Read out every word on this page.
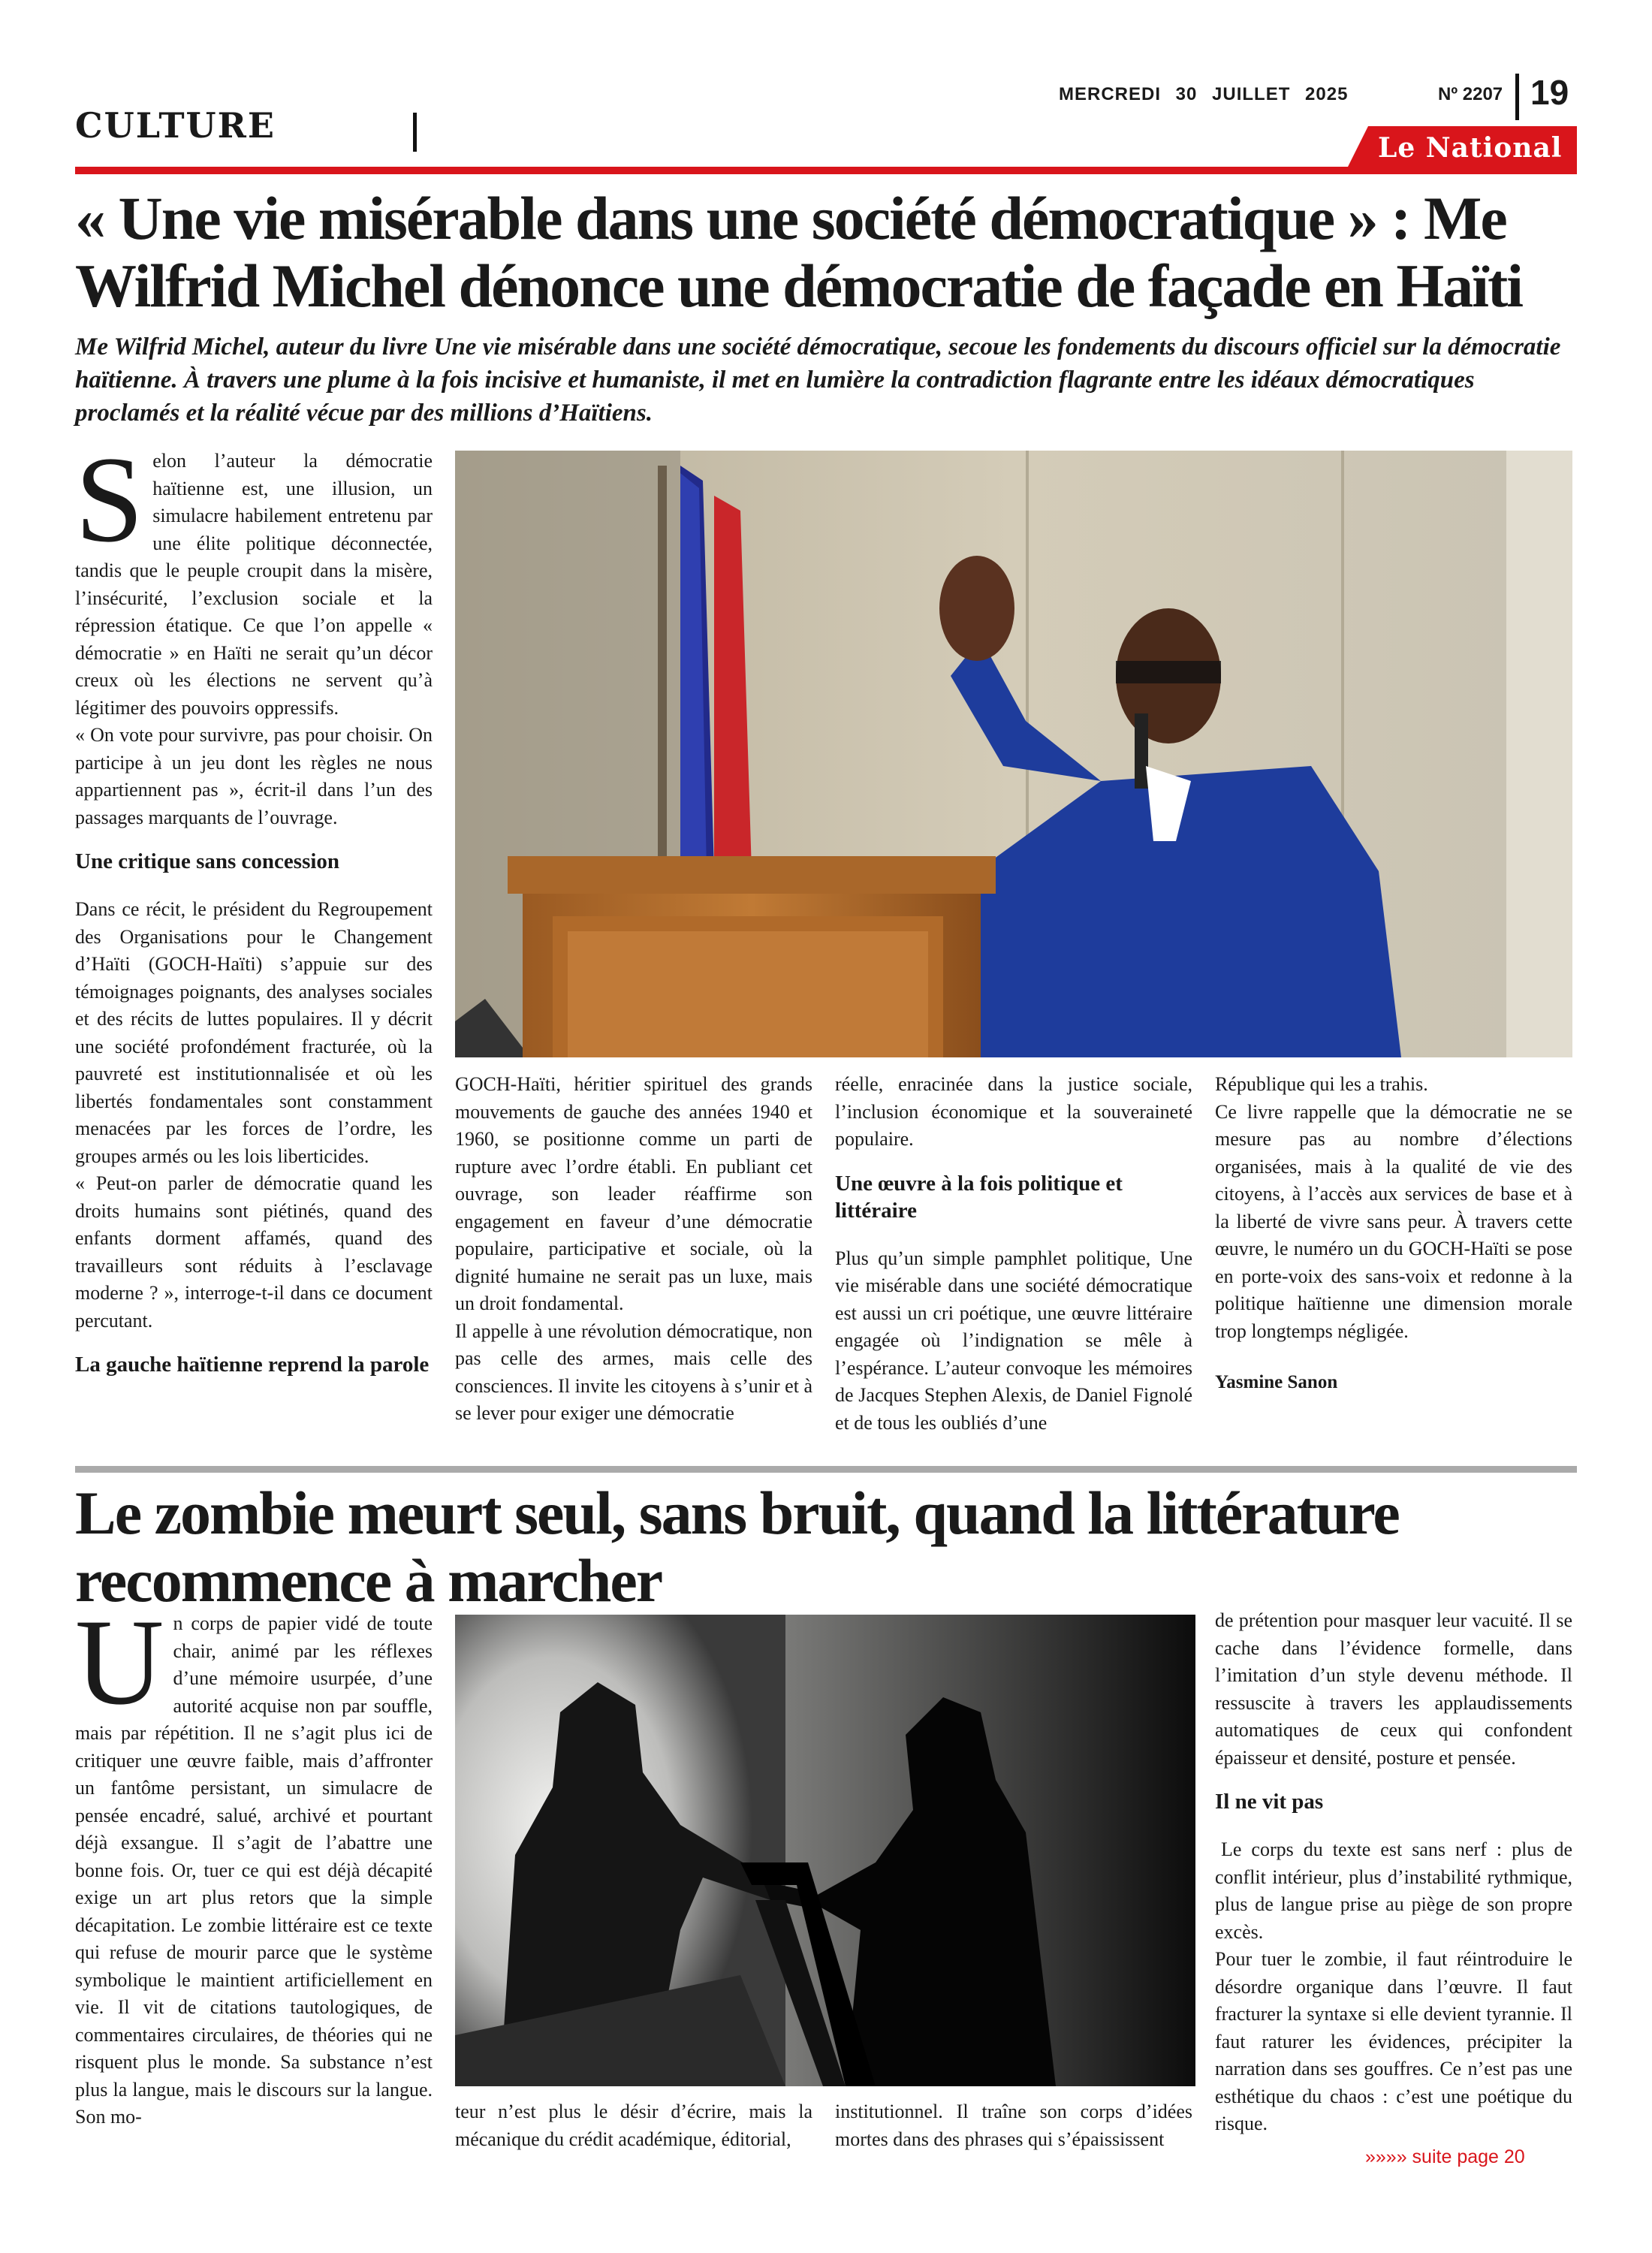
CULTURE
MERCREDI 30 JUILLET 2025	Nº 2207 19
Le National
« Une vie misérable dans une société démocratique » : Me Wilfrid Michel dénonce une démocratie de façade en Haïti
Me Wilfrid Michel, auteur du livre Une vie misérable dans une société démocratique, secoue les fondements du discours officiel sur la démocratie haïtienne. À travers une plume à la fois incisive et humaniste, il met en lumière la contradiction flagrante entre les idéaux démocratiques proclamés et la réalité vécue par des millions d’Haïtiens.

Selon l’auteur la démocratie haïtienne est, une illusion, un simulacre habilement entretenu par une élite politique déconnectée, tandis que le peuple croupit dans la misère, l’insécurité, l’exclusion sociale et la répression étatique. Ce que l’on appelle « démocratie » en Haïti ne serait qu’un décor creux où les élections ne servent qu’à légitimer des pouvoirs oppressifs.

« On vote pour survivre, pas pour choisir. On participe à un jeu dont les règles ne nous appartiennent pas », écrit-il dans l’un des passages marquants de l’ouvrage.

Une critique sans concession

Dans ce récit, le président du Regroupement des Organisations pour le Changement d’Haïti (GOCH-Haïti) s’appuie sur des témoignages poignants, des analyses sociales et des récits de luttes populaires. Il y décrit une société profondément fracturée, où la pauvreté est institutionnalisée et où les libertés fondamentales sont constamment menacées par les forces de l’ordre, les groupes armés ou les lois liberticides.

« Peut-on parler de démocratie quand les droits humains sont piétinés, quand des enfants dorment affamés, quand des travailleurs sont réduits à l’esclavage moderne ? », interroge-t-il dans ce document percutant.

La gauche haïtienne reprend la parole

GOCH-Haïti, héritier spirituel des grands mouvements de gauche des années 1940 et 1960, se positionne comme un parti de rupture avec l’ordre établi. En publiant cet ouvrage, son leader réaffirme son engagement en faveur d’une démocratie populaire, participative et sociale, où la dignité humaine ne serait pas un luxe, mais un droit fondamental.

Il appelle à une révolution démocratique, non pas celle des armes, mais celle des consciences. Il invite les citoyens à s’unir et à se lever pour exiger une démocratie

réelle, enracinée dans la justice sociale, l’inclusion économique et la souveraineté populaire.

Une œuvre à la fois politique et littéraire

Plus qu’un simple pamphlet politique, Une vie misérable dans une société démocratique est aussi un cri poétique, une œuvre littéraire engagée où l’indignation se mêle à l’espérance. L’auteur convoque les mémoires de Jacques Stephen Alexis, de Daniel Fignolé et de tous les oubliés d’une

République qui les a trahis.

Ce livre rappelle que la démocratie ne se mesure pas au nombre d’élections organisées, mais à la qualité de vie des citoyens, à l’accès aux services de base et à la liberté de vivre sans peur. À travers cette œuvre, le numéro un du GOCH-Haïti se pose en porte-voix des sans-voix et redonne à la politique haïtienne une dimension morale trop longtemps négligée.

Yasmine Sanon

Le zombie meurt seul, sans bruit, quand la littérature recommence à marcher

Un corps de papier vidé de toute chair, animé par les réflexes d’une mémoire usurpée, d’une autorité acquise non par souffle, mais par répétition. Il ne s’agit plus ici de critiquer une œuvre faible, mais d’affronter un fantôme persistant, un simulacre de pensée encadré, salué, archivé et pourtant déjà exsangue. Il s’agit de l’abattre une bonne fois. Or, tuer ce qui est déjà décapité exige un art plus retors que la simple décapitation. Le zombie littéraire est ce texte qui refuse de mourir parce que le système symbolique le maintient artificiellement en vie. Il vit de citations tautologiques, de commentaires circulaires, de théories qui ne risquent plus le monde. Sa substance n’est plus la langue, mais le discours sur la langue. Son mo-	teur n’est plus le désir d’écrire, mais la mécanique du crédit académique, éditorial,

institutionnel. Il traîne son corps d’idées mortes dans des phrases qui s’épaississent

de prétention pour masquer leur vacuité. Il se cache dans l’évidence formelle, dans l’imitation d’un style devenu méthode. Il ressuscite à travers les applaudissements automatiques de ceux qui confondent épaisseur et densité, posture et pensée.

Il ne vit pas

Le corps du texte est sans nerf : plus de conflit intérieur, plus d’instabilité rythmique, plus de langue prise au piège de son propre excès.

Pour tuer le zombie, il faut réintroduire le désordre organique dans l’œuvre. Il faut fracturer la syntaxe si elle devient tyrannie. Il faut raturer les évidences, précipiter la narration dans ses gouffres. Ce n’est pas une esthétique du chaos : c’est une poétique du risque.

»»»» suite page 20
